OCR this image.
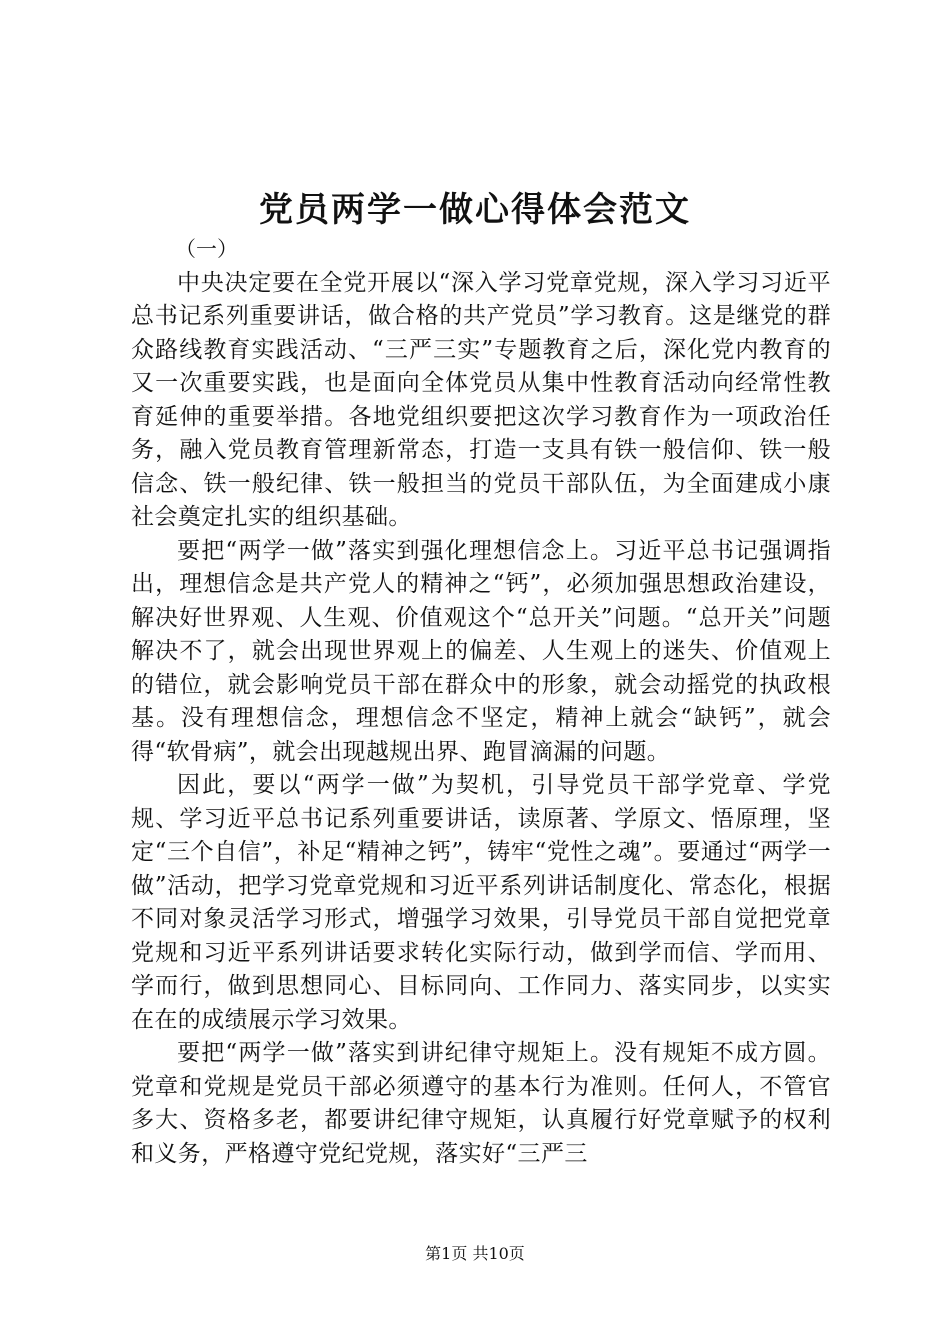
党员两学一做心得体会范文

（一）

中央决定要在全党开展以“深入学习党章党规，深入学习习近平总书记系列重要讲话，做合格的共产党员”学习教育。这是继党的群众路线教育实践活动、“三严三实”专题教育之后，深化党内教育的又一次重要实践，也是面向全体党员从集中性教育活动向经常性教育延伸的重要举措。各地党组织要把这次学习教育作为一项政治任务，融入党员教育管理新常态，打造一支具有铁一般信仰、铁一般信念、铁一般纪律、铁一般担当的党员干部队伍，为全面建成小康社会奠定扎实的组织基础。

要把“两学一做”落实到强化理想信念上。习近平总书记强调指出，理想信念是共产党人的精神之“钙”，必须加强思想政治建设，解决好世界观、人生观、价值观这个“总开关”问题。“总开关”问题解决不了，就会出现世界观上的偏差、人生观上的迷失、价值观上的错位，就会影响党员干部在群众中的形象，就会动摇党的执政根基。没有理想信念，理想信念不坚定，精神上就会“缺钙”，就会得“软骨病”，就会出现越规出界、跑冒滴漏的问题。

因此，要以“两学一做”为契机，引导党员干部学党章、学党规、学习近平总书记系列重要讲话，读原著、学原文、悟原理，坚定“三个自信”，补足“精神之钙”，铸牢“党性之魂”。要通过“两学一做”活动，把学习党章党规和习近平系列讲话制度化、常态化，根据不同对象灵活学习形式，增强学习效果，引导党员干部自觉把党章党规和习近平系列讲话要求转化实际行动，做到学而信、学而用、学而行，做到思想同心、目标同向、工作同力、落实同步，以实实在在的成绩展示学习效果。

要把“两学一做”落实到讲纪律守规矩上。没有规矩不成方圆。党章和党规是党员干部必须遵守的基本行为准则。任何人，不管官多大、资格多老，都要讲纪律守规矩，认真履行好党章赋予的权利和义务，严格遵守党纪党规，落实好“三严三

第1页 共10页
